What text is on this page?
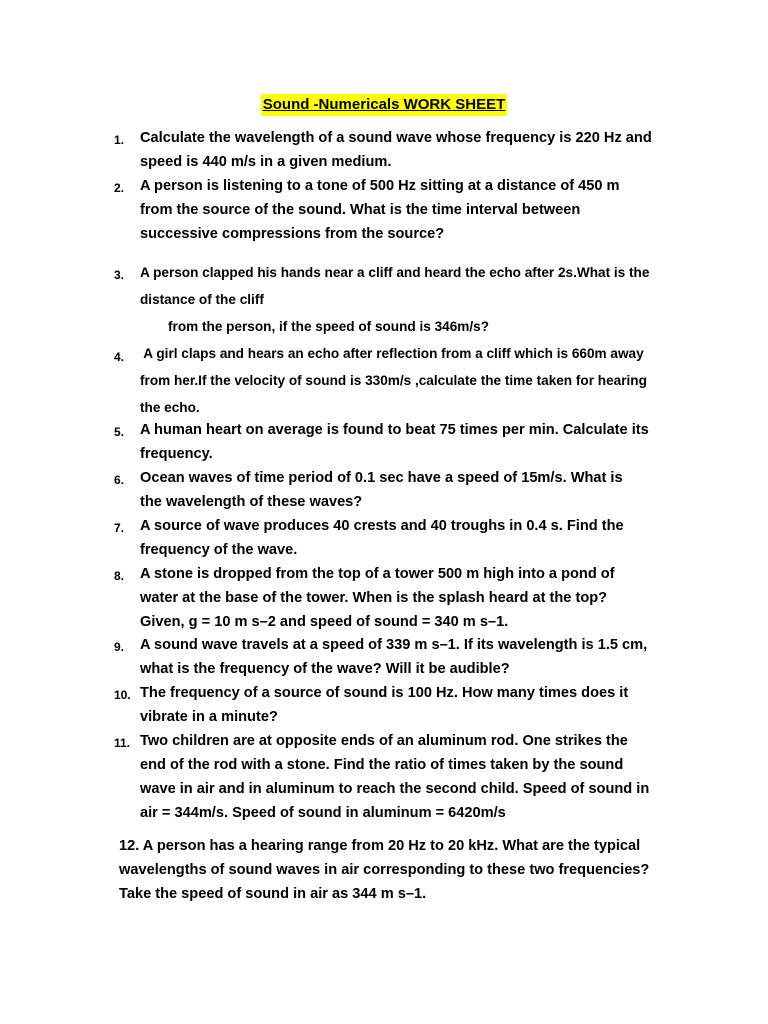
Sound -Numericals WORK SHEET
1.	Calculate the wavelength of a sound wave whose frequency is 220 Hz and
speed is 440 m/s in a given medium.
2.	A person is listening to a tone of 500 Hz sitting at a distance of 450 m
from the source of the sound. What is the time interval between
successive compressions from the source?
3.	A person clapped his hands near a cliff and heard the echo after 2s.What is the
distance of the cliff
from the person, if the speed of sound is 346m/s?
4.	A girl claps and hears an echo after reflection from a cliff which is 660m away
from her.If the velocity of sound is 330m/s ,calculate the time taken for hearing
the echo.
5.	A human heart on average is found to beat 75 times per min. Calculate its
frequency.
6.	Ocean waves of time period of 0.1 sec have a speed of 15m/s. What is
the wavelength of these waves?
7.	A source of wave produces 40 crests and 40 troughs in 0.4 s. Find the
frequency of the wave.
8.	A stone is dropped from the top of a tower 500 m high into a pond of
water at the base of the tower. When is the splash heard at the top?
Given, g = 10 m s–2 and speed of sound = 340 m s–1.
9.	A sound wave travels at a speed of 339 m s–1. If its wavelength is 1.5 cm,
what is the frequency of the wave? Will it be audible?
10. The frequency of a source of sound is 100 Hz. How many times does it
vibrate in a minute?
11. Two children are at opposite ends of an aluminum rod. One strikes the
end of the rod with a stone. Find the ratio of times taken by the sound
wave in air and in aluminum to reach the second child. Speed of sound in
air = 344m/s. Speed of sound in aluminum = 6420m/s
12. A person has a hearing range from 20 Hz to 20 kHz. What are the typical
wavelengths of sound waves in air corresponding to these two frequencies?
Take the speed of sound in air as 344 m s–1.
